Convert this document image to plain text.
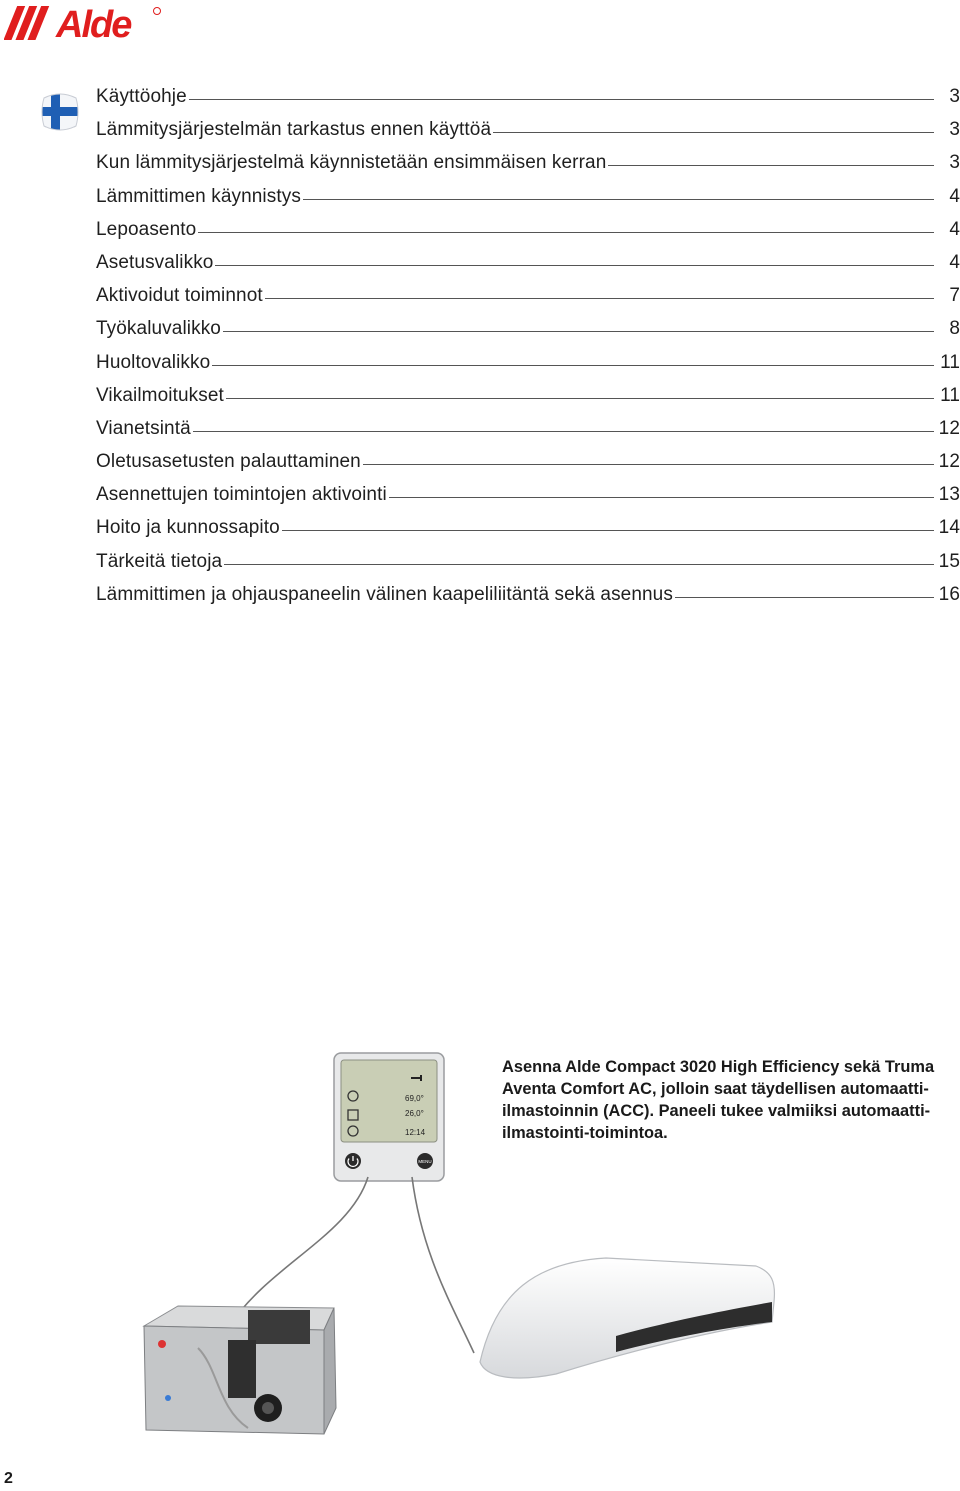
Alde
Käyttöohje	3
Lämmitysjärjestelmän tarkastus ennen käyttöä	3
Kun lämmitysjärjestelmä käynnistetään ensimmäisen kerran	3
Lämmittimen käynnistys	4
Lepoasento	4
Asetusvalikko	4
Aktivoidut toiminnot	7
Työkaluvalikko	8
Huoltovalikko	11
Vikailmoitukset	11
Vianetsintä	12
Oletusasetusten palauttaminen	12
Asennettujen toimintojen aktivointi	13
Hoito ja kunnossapito	14
Tärkeitä tietoja	15
Lämmittimen ja ohjauspaneelin välinen kaapeliliitäntä sekä asennus	16
69,0°
26,0°
12:14
MENU

Asenna Alde Compact 3020 High Efficiency sekä Truma Aventa Comfort AC, jolloin saat täydellisen automaatti-ilmastoinnin (ACC). Paneeli tukee valmiiksi automaatti-ilmastointi-toimintoa.

2
